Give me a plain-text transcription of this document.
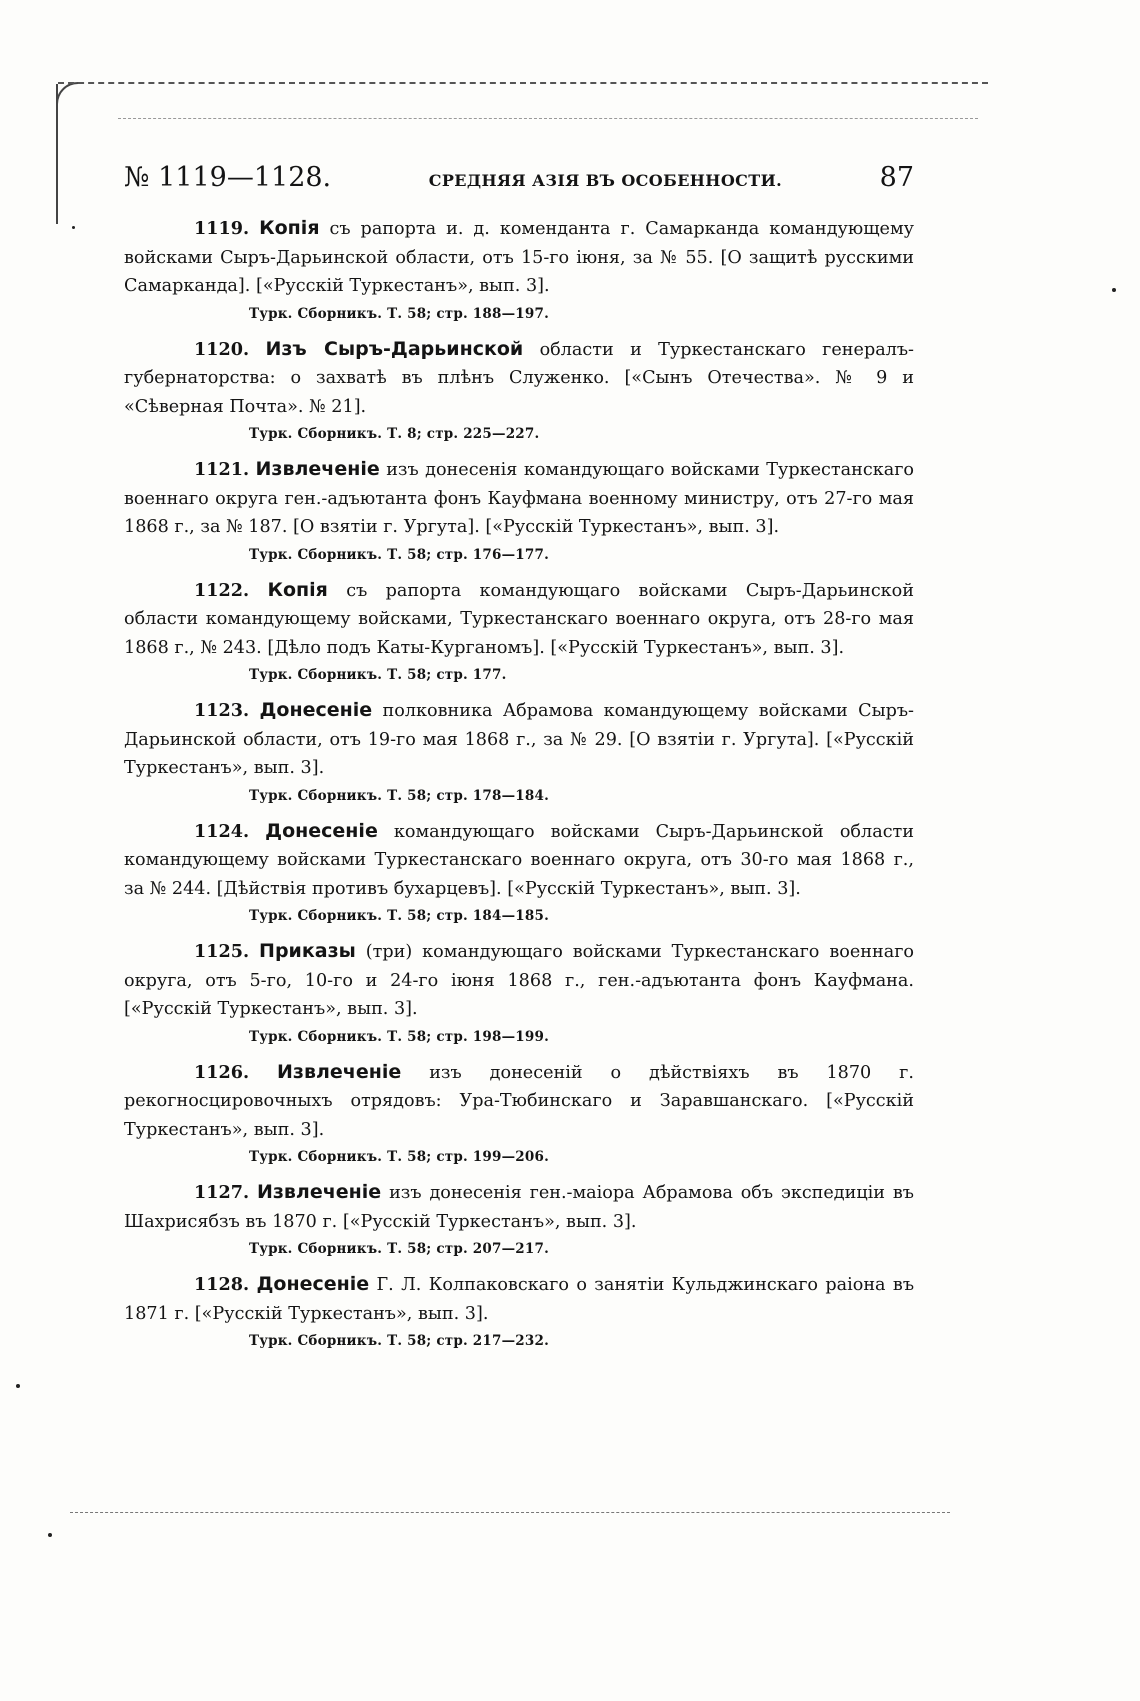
№ 1119—1128.	СРЕДНЯЯ АЗІЯ ВЪ ОСОБЕННОСТИ.	87

1119. Копія съ рапорта и. д. коменданта г. Самарканда командующему войсками Сыръ-Дарьинской области, отъ 15-го іюня, за № 55. [О защитѣ русскими Самарканда]. [«Русскій Туркестанъ», вып. 3].

Турк. Сборникъ. Т. 58; стр. 188—197.

1120. Изъ Сыръ-Дарьинской области и Туркестанскаго генералъ-губернаторства: о захватѣ въ плѣнъ Служенко. [«Сынъ Отечества». № 9 и «Сѣверная Почта». № 21].

Турк. Сборникъ. Т. 8; стр. 225—227.

1121. Извлеченіе изъ донесенія командующаго войсками Туркестанскаго военнаго округа ген.-адъютанта фонъ Кауфмана военному министру, отъ 27-го мая 1868 г., за № 187. [О взятіи г. Ургута]. [«Русскій Туркестанъ», вып. 3].

Турк. Сборникъ. Т. 58; стр. 176—177.

1122. Копія съ рапорта командующаго войсками Сыръ-Дарьинской области командующему войсками, Туркестанскаго военнаго округа, отъ 28-го мая 1868 г., № 243. [Дѣло подъ Каты-Курганомъ]. [«Русскій Туркестанъ», вып. 3].

Турк. Сборникъ. Т. 58; стр. 177.

1123. Донесеніе полковника Абрамова командующему войсками Сыръ-Дарьинской области, отъ 19-го мая 1868 г., за № 29. [О взятіи г. Ургута]. [«Русскій Туркестанъ», вып. 3].

Турк. Сборникъ. Т. 58; стр. 178—184.

1124. Донесеніе командующаго войсками Сыръ-Дарьинской области командующему войсками Туркестанскаго военнаго округа, отъ 30-го мая 1868 г., за № 244. [Дѣйствія противъ бухарцевъ]. [«Русскій Туркестанъ», вып. 3].

Турк. Сборникъ. Т. 58; стр. 184—185.

1125. Приказы (три) командующаго войсками Туркестанскаго военнаго округа, отъ 5-го, 10-го и 24-го іюня 1868 г., ген.-адъютанта фонъ Кауфмана. [«Русскій Туркестанъ», вып. 3].

Турк. Сборникъ. Т. 58; стр. 198—199.

1126. Извлеченіе изъ донесеній о дѣйствіяхъ въ 1870 г. рекогносцировочныхъ отрядовъ: Ура-Тюбинскаго и Заравшанскаго. [«Русскій Туркестанъ», вып. 3].

Турк. Сборникъ. Т. 58; стр. 199—206.

1127. Извлеченіе изъ донесенія ген.-маіора Абрамова объ экспедиціи въ Шахрисябзъ въ 1870 г. [«Русскій Туркестанъ», вып. 3].

Турк. Сборникъ. Т. 58; стр. 207—217.

1128. Донесеніе Г. Л. Колпаковскаго о занятіи Кульджинскаго раіона въ 1871 г. [«Русскій Туркестанъ», вып. 3].

Турк. Сборникъ. Т. 58; стр. 217—232.
